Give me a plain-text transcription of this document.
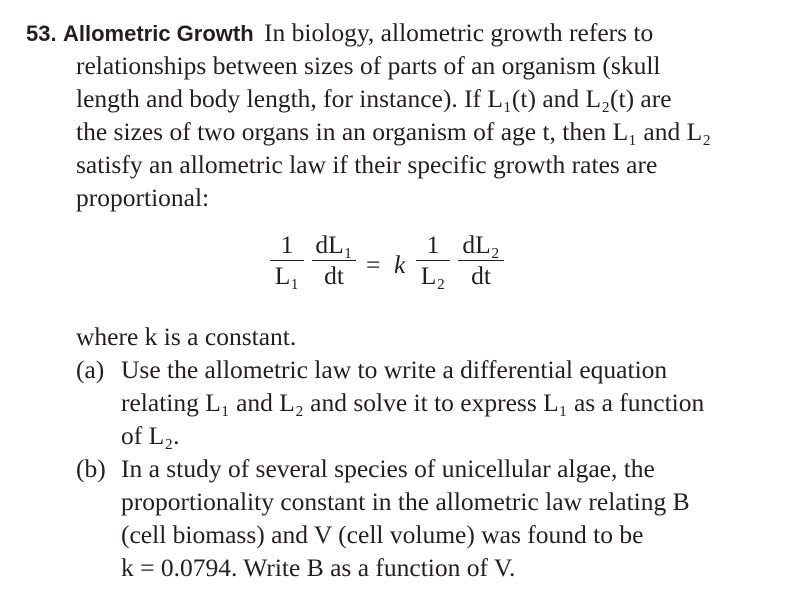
53. Allometric Growth In biology, allometric growth refers to
relationships between sizes of parts of an organism (skull
length and body length, for instance). If L₁(t) and L₂(t) are
the sizes of two organs in an organism of age t, then L₁ and L₂
satisfy an allometric law if their specific growth rates are
proportional:
1
L₁
dL₁
dt = k
1
L₂
dL₂
dt
where k is a constant.
(a) Use the allometric law to write a differential equation
relating L₁ and L₂ and solve it to express L₁ as a function
of L₂.
(b) In a study of several species of unicellular algae, the
proportionality constant in the allometric law relating B
(cell biomass) and V (cell volume) was found to be
k = 0.0794. Write B as a function of V.
